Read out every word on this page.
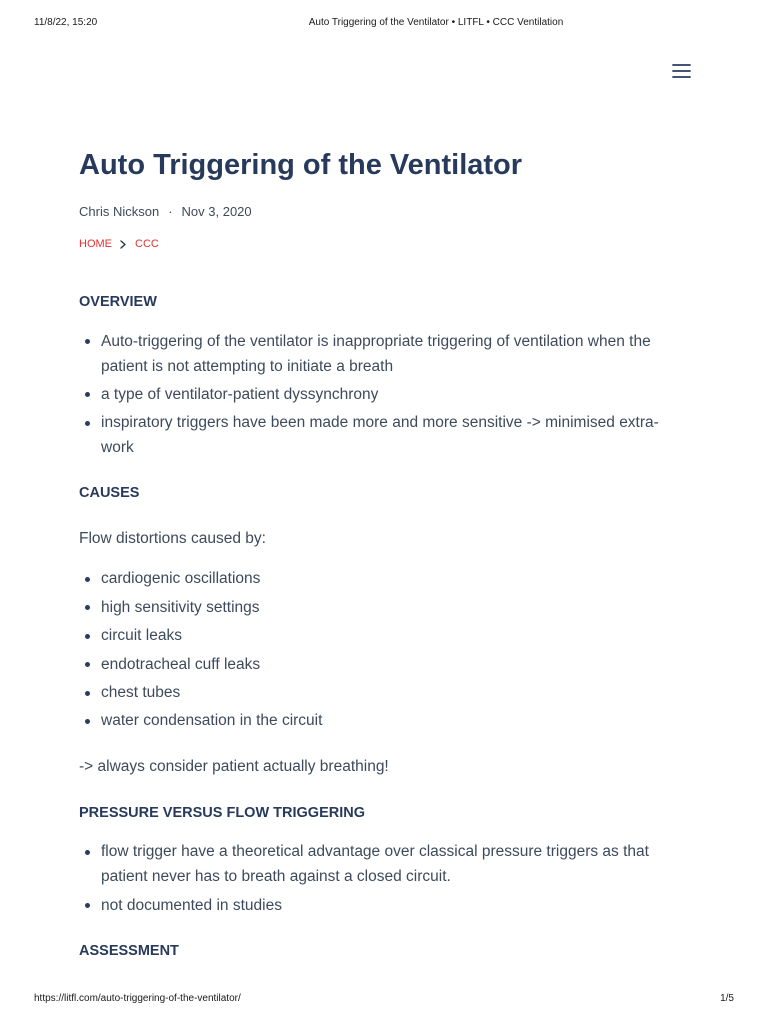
11/8/22, 15:20	Auto Triggering of the Ventilator • LITFL • CCC Ventilation
Auto Triggering of the Ventilator
Chris Nickson · Nov 3, 2020
HOME CCC
OVERVIEW
Auto-triggering of the ventilator is inappropriate triggering of ventilation when the patient is not attempting to initiate a breath
a type of ventilator-patient dyssynchrony
inspiratory triggers have been made more and more sensitive -> minimised extra-work
CAUSES

Flow distortions caused by:

cardiogenic oscillations
high sensitivity settings
circuit leaks
endotracheal cuff leaks
chest tubes
water condensation in the circuit

-> always consider patient actually breathing!

PRESSURE VERSUS FLOW TRIGGERING
flow trigger have a theoretical advantage over classical pressure triggers as that patient never has to breath against a closed circuit.
not documented in studies
ASSESSMENT
https://litfl.com/auto-triggering-of-the-ventilator/	1/5
